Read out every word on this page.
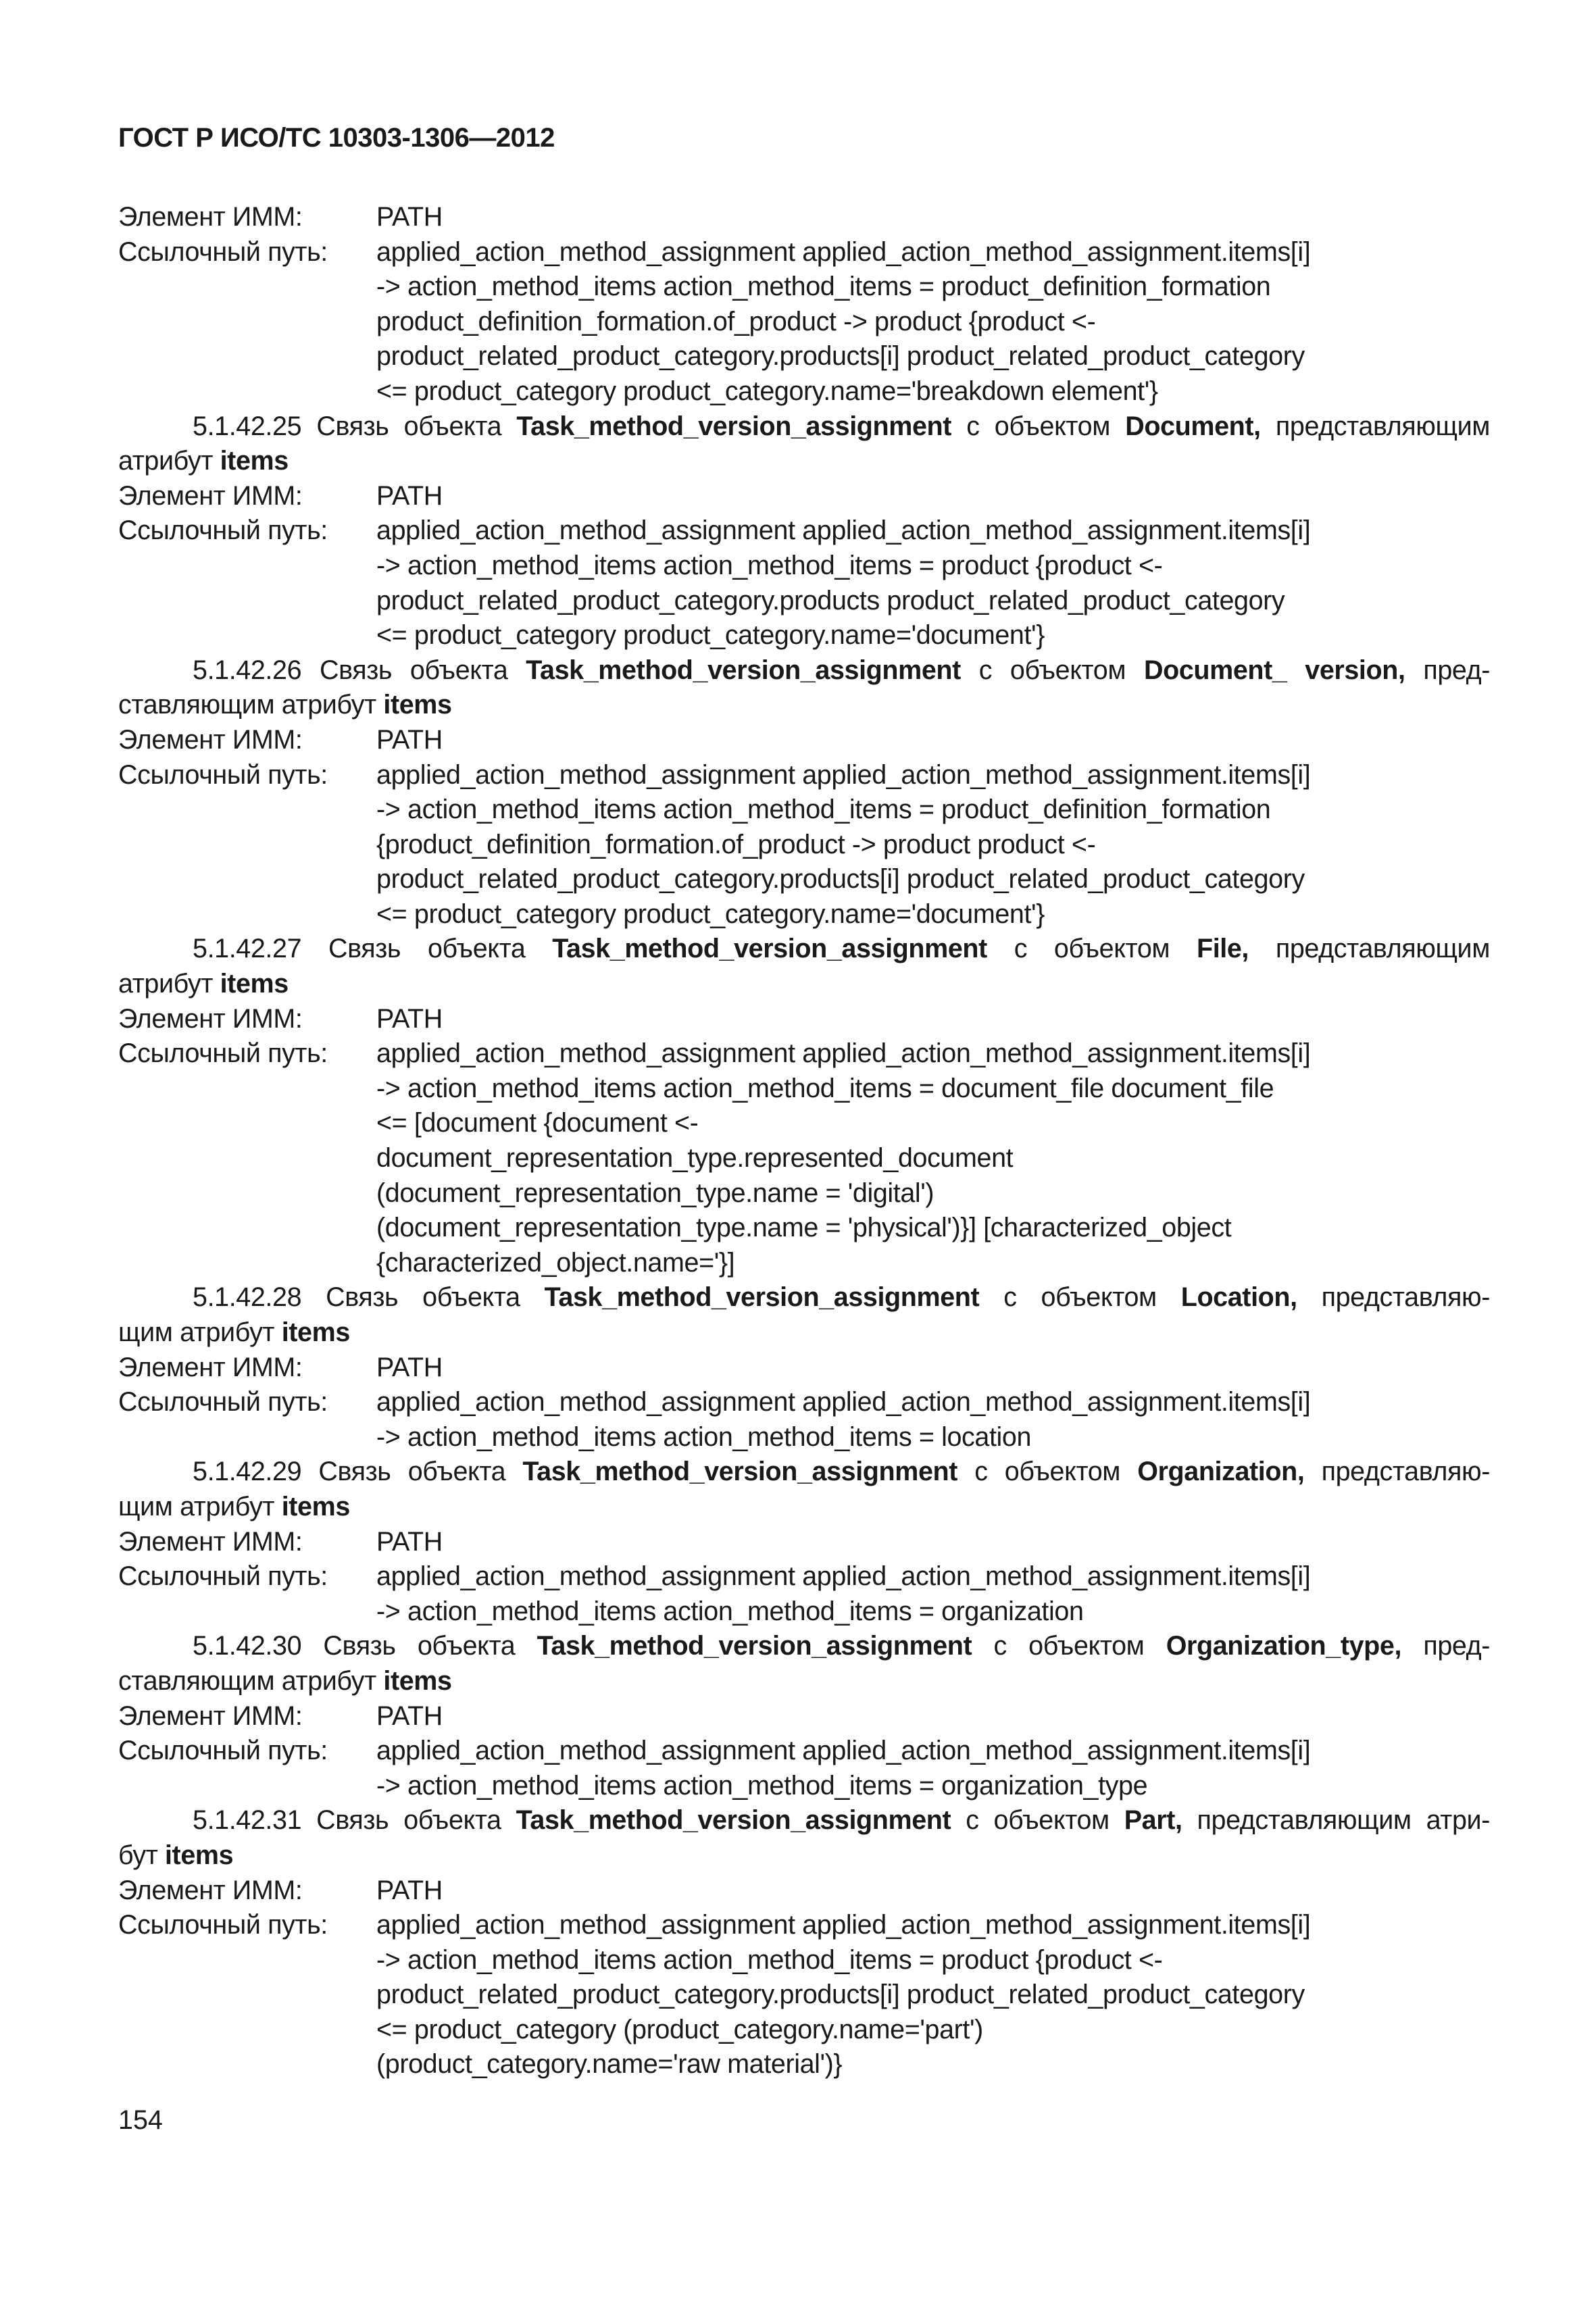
ГОСТ Р ИСО/ТС 10303-1306—2012
Элемент ИММ:	PATH
Ссылочный путь: applied_action_method_assignment applied_action_method_assignment.items[i]
-> action_method_items action_method_items = product_definition_formation
product_definition_formation.of_product -> product {product <-
product_related_product_category.products[i] product_related_product_category
<= product_category product_category.name='breakdown element'}
5.1.42.25 Связь объекта Task_method_version_assignment с объектом Document, представляющим
атрибут items
Элемент ИММ:	PATH
Ссылочный путь: applied_action_method_assignment applied_action_method_assignment.items[i]
-> action_method_items action_method_items = product {product <-
product_related_product_category.products product_related_product_category
<= product_category product_category.name='document'}
5.1.42.26 Связь объекта Task_method_version_assignment с объектом Document_ version, пред-
ставляющим атрибут items
Элемент ИММ:	PATH
Ссылочный путь: applied_action_method_assignment applied_action_method_assignment.items[i]
-> action_method_items action_method_items = product_definition_formation
{product_definition_formation.of_product -> product product <-
product_related_product_category.products[i] product_related_product_category
<= product_category product_category.name='document'}
5.1.42.27 Связь объекта Task_method_version_assignment с объектом File, представляющим
атрибут items
Элемент ИММ:	PATH
Ссылочный путь: applied_action_method_assignment applied_action_method_assignment.items[i]
-> action_method_items action_method_items = document_file document_file
<= [document {document <-
document_representation_type.represented_document
(document_representation_type.name = 'digital')
(document_representation_type.name = 'physical')}] [characterized_object
{characterized_object.name='}]
5.1.42.28 Связь объекта Task_method_version_assignment с объектом Location, представляю-
щим атрибут items
Элемент ИММ:	PATH
Ссылочный путь: applied_action_method_assignment applied_action_method_assignment.items[i]
-> action_method_items action_method_items = location
5.1.42.29 Связь объекта Task_method_version_assignment с объектом Organization, представляю-
щим атрибут items
Элемент ИММ:	PATH
Ссылочный путь: applied_action_method_assignment applied_action_method_assignment.items[i]
-> action_method_items action_method_items = organization
5.1.42.30 Связь объекта Task_method_version_assignment с объектом Organization_type, пред-
ставляющим атрибут items
Элемент ИММ:	PATH
Ссылочный путь: applied_action_method_assignment applied_action_method_assignment.items[i]
-> action_method_items action_method_items = organization_type
5.1.42.31 Связь объекта Task_method_version_assignment с объектом Part, представляющим атри-
бут items
Элемент ИММ:	PATH
Ссылочный путь: applied_action_method_assignment applied_action_method_assignment.items[i]
-> action_method_items action_method_items = product {product <-
product_related_product_category.products[i] product_related_product_category
<= product_category (product_category.name='part')
(product_category.name='raw material')}
154
